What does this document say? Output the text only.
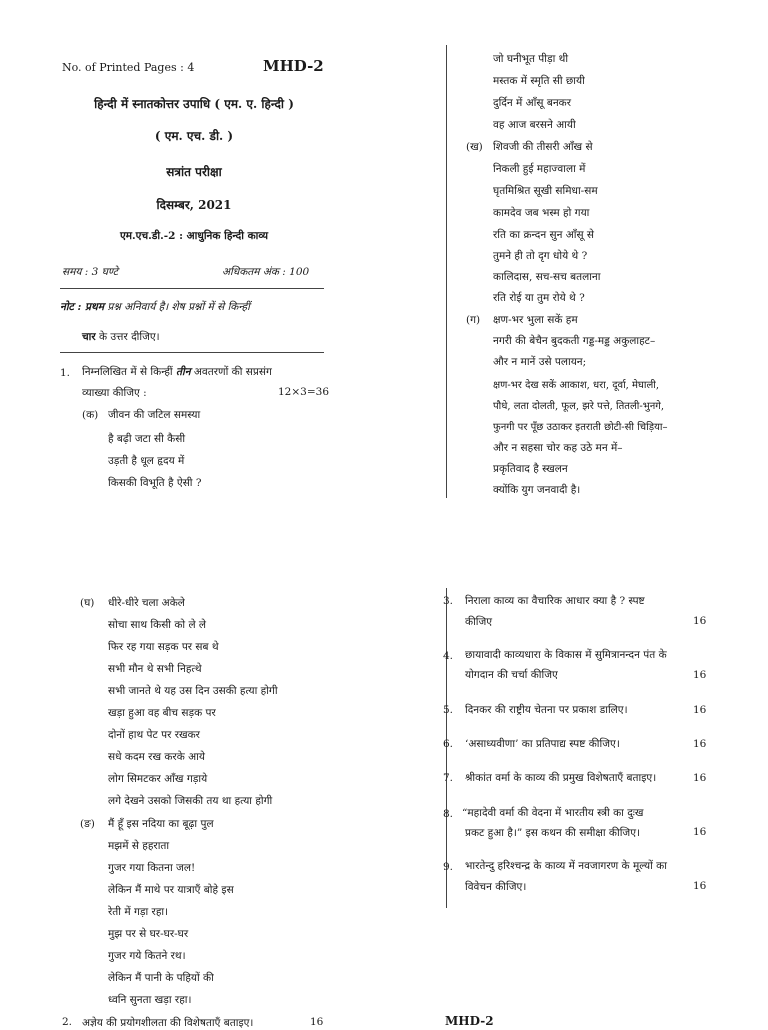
No. of Printed Pages : 4	MHD-2
हिन्दी में स्नातकोत्तर उपाधि ( एम. ए. हिन्दी )
( एम. एच. डी. )
सत्रांत परीक्षा
दिसम्बर, 2021
एम.एच.डी.-2 : आधुनिक हिन्दी काव्य
समय : 3 घण्टे	अधिकतम अंक : 100
नोट : प्रथम प्रश्न अनिवार्य है। शेष प्रश्नों में से किन्हीं
चार के उत्तर दीजिए।
1. निम्नलिखित में से किन्हीं तीन अवतरणों की सप्रसंग
व्याख्या कीजिए :	12×3=36
(क) जीवन की जटिल समस्या
है बढ़ी जटा सी कैसी
उड़ती है धूल हृदय में
किसकी विभूति है ऐसी ?
जो घनीभूत पीड़ा थी
मस्तक में स्मृति सी छायी
दुर्दिन में आँसू बनकर
वह आज बरसने आयी
(ख) शिवजी की तीसरी आँख से
निकली हुई महाज्वाला में
घृतमिश्रित सूखी समिधा-सम
कामदेव जब भस्म हो गया
रति का क्रन्दन सुन आँसू से
तुमने ही तो दृग धोये थे ?
कालिदास, सच-सच बतलाना
रति रोई या तुम रोये थे ?
(ग) क्षण-भर भुला सकें हम
नगरी की बेचैन बुदकती गड्ड-मड्ड अकुलाहट–
और न मानें उसे पलायन;
क्षण-भर देख सकें आकाश, धरा, दूर्वा, मेघाली,
पौधे, लता दोलती, फूल, झरे पत्ते, तितली-भुनगे,
फुनगी पर पूँछ उठाकर इतराती छोटी-सी चिड़िया–
और न सहसा चोर कह उठे मन में–
प्रकृतिवाद है स्खलन
क्योंकि युग जनवादी है।
(घ) धीरे-धीरे चला अकेले
सोचा साथ किसी को ले ले
फिर रह गया सड़क पर सब थे
सभी मौन थे सभी निहत्थे
सभी जानते थे यह उस दिन उसकी हत्या होगी
खड़ा हुआ वह बीच सड़क पर
दोनों हाथ पेट पर रखकर
सधे कदम रख करके आये
लोग सिमटकर आँख गड़ाये
लगे देखने उसको जिसकी तय था हत्या होगी
(ङ) मैं हूँ इस नदिया का बूढ़ा पुल
मझमें से हहराता
गुजर गया कितना जल!
लेकिन मैं माथे पर यात्राएँ बोहे इस
रेती में गड़ा रहा।
मुझ पर से घर-घर-घर
गुजर गये कितने रथ।
लेकिन मैं पानी के पहियों की
ध्वनि सुनता खड़ा रहा।
2. अज्ञेय की प्रयोगशीलता की विशेषताएँ बताइए।	16
3. निराला काव्य का वैचारिक आधार क्या है ? स्पष्ट
कीजिए	16
4. छायावादी काव्यधारा के विकास में सुमित्रानन्दन पंत के
योगदान की चर्चा कीजिए	16
5. दिनकर की राष्ट्रीय चेतना पर प्रकाश डालिए।	16
6. ‘असाध्यवीणा’ का प्रतिपाद्य स्पष्ट कीजिए।	16
7. श्रीकांत वर्मा के काव्य की प्रमुख विशेषताएँ बताइए।	16
8. “महादेवी वर्मा की वेदना में भारतीय स्त्री का दुःख
प्रकट हुआ है।” इस कथन की समीक्षा कीजिए।	16
9. भारतेन्दु हरिश्चन्द्र के काव्य में नवजागरण के मूल्यों का
विवेचन कीजिए।	16
MHD-2
